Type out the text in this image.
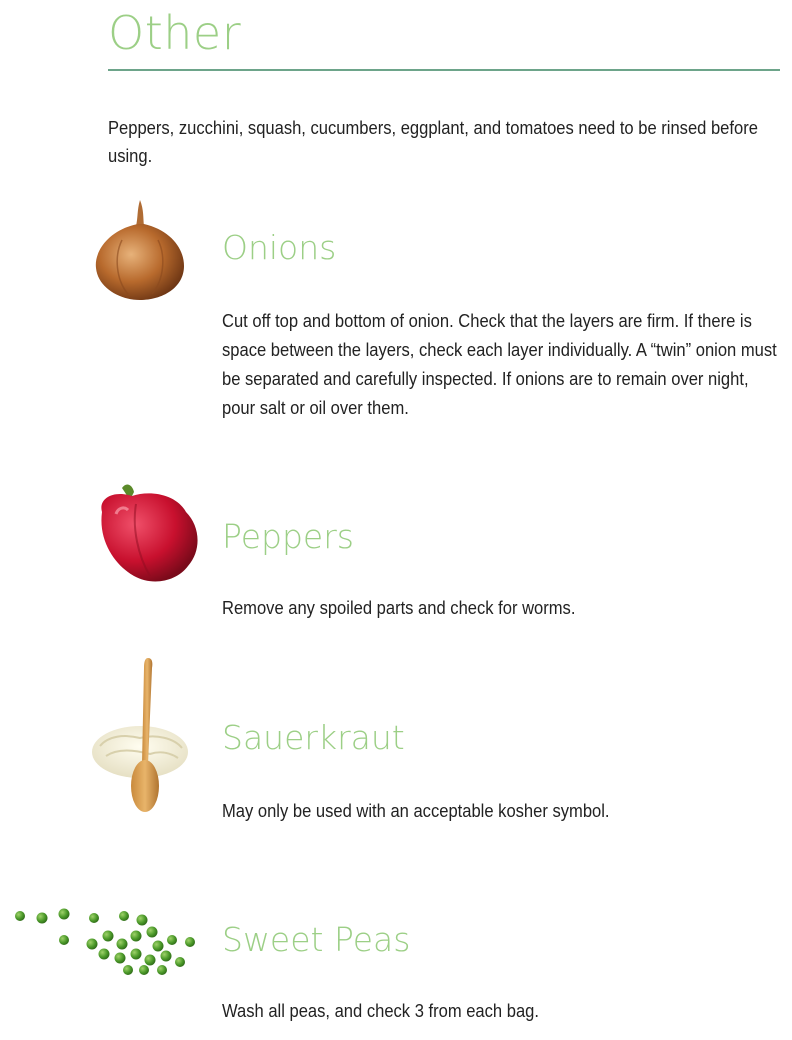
Other

Peppers, zucchini, squash, cucumbers, eggplant, and tomatoes need to be rinsed before using.

Onions

Cut off top and bottom of onion. Check that the layers are firm. If there is space between the layers, check each layer individually. A “twin” onion must be separated and carefully inspected. If onions are to remain over night, pour salt or oil over them.

Peppers

Remove any spoiled parts and check for worms.

Sauerkraut

May only be used with an acceptable kosher symbol.

Sweet Peas

Wash all peas, and check 3 from each bag.
